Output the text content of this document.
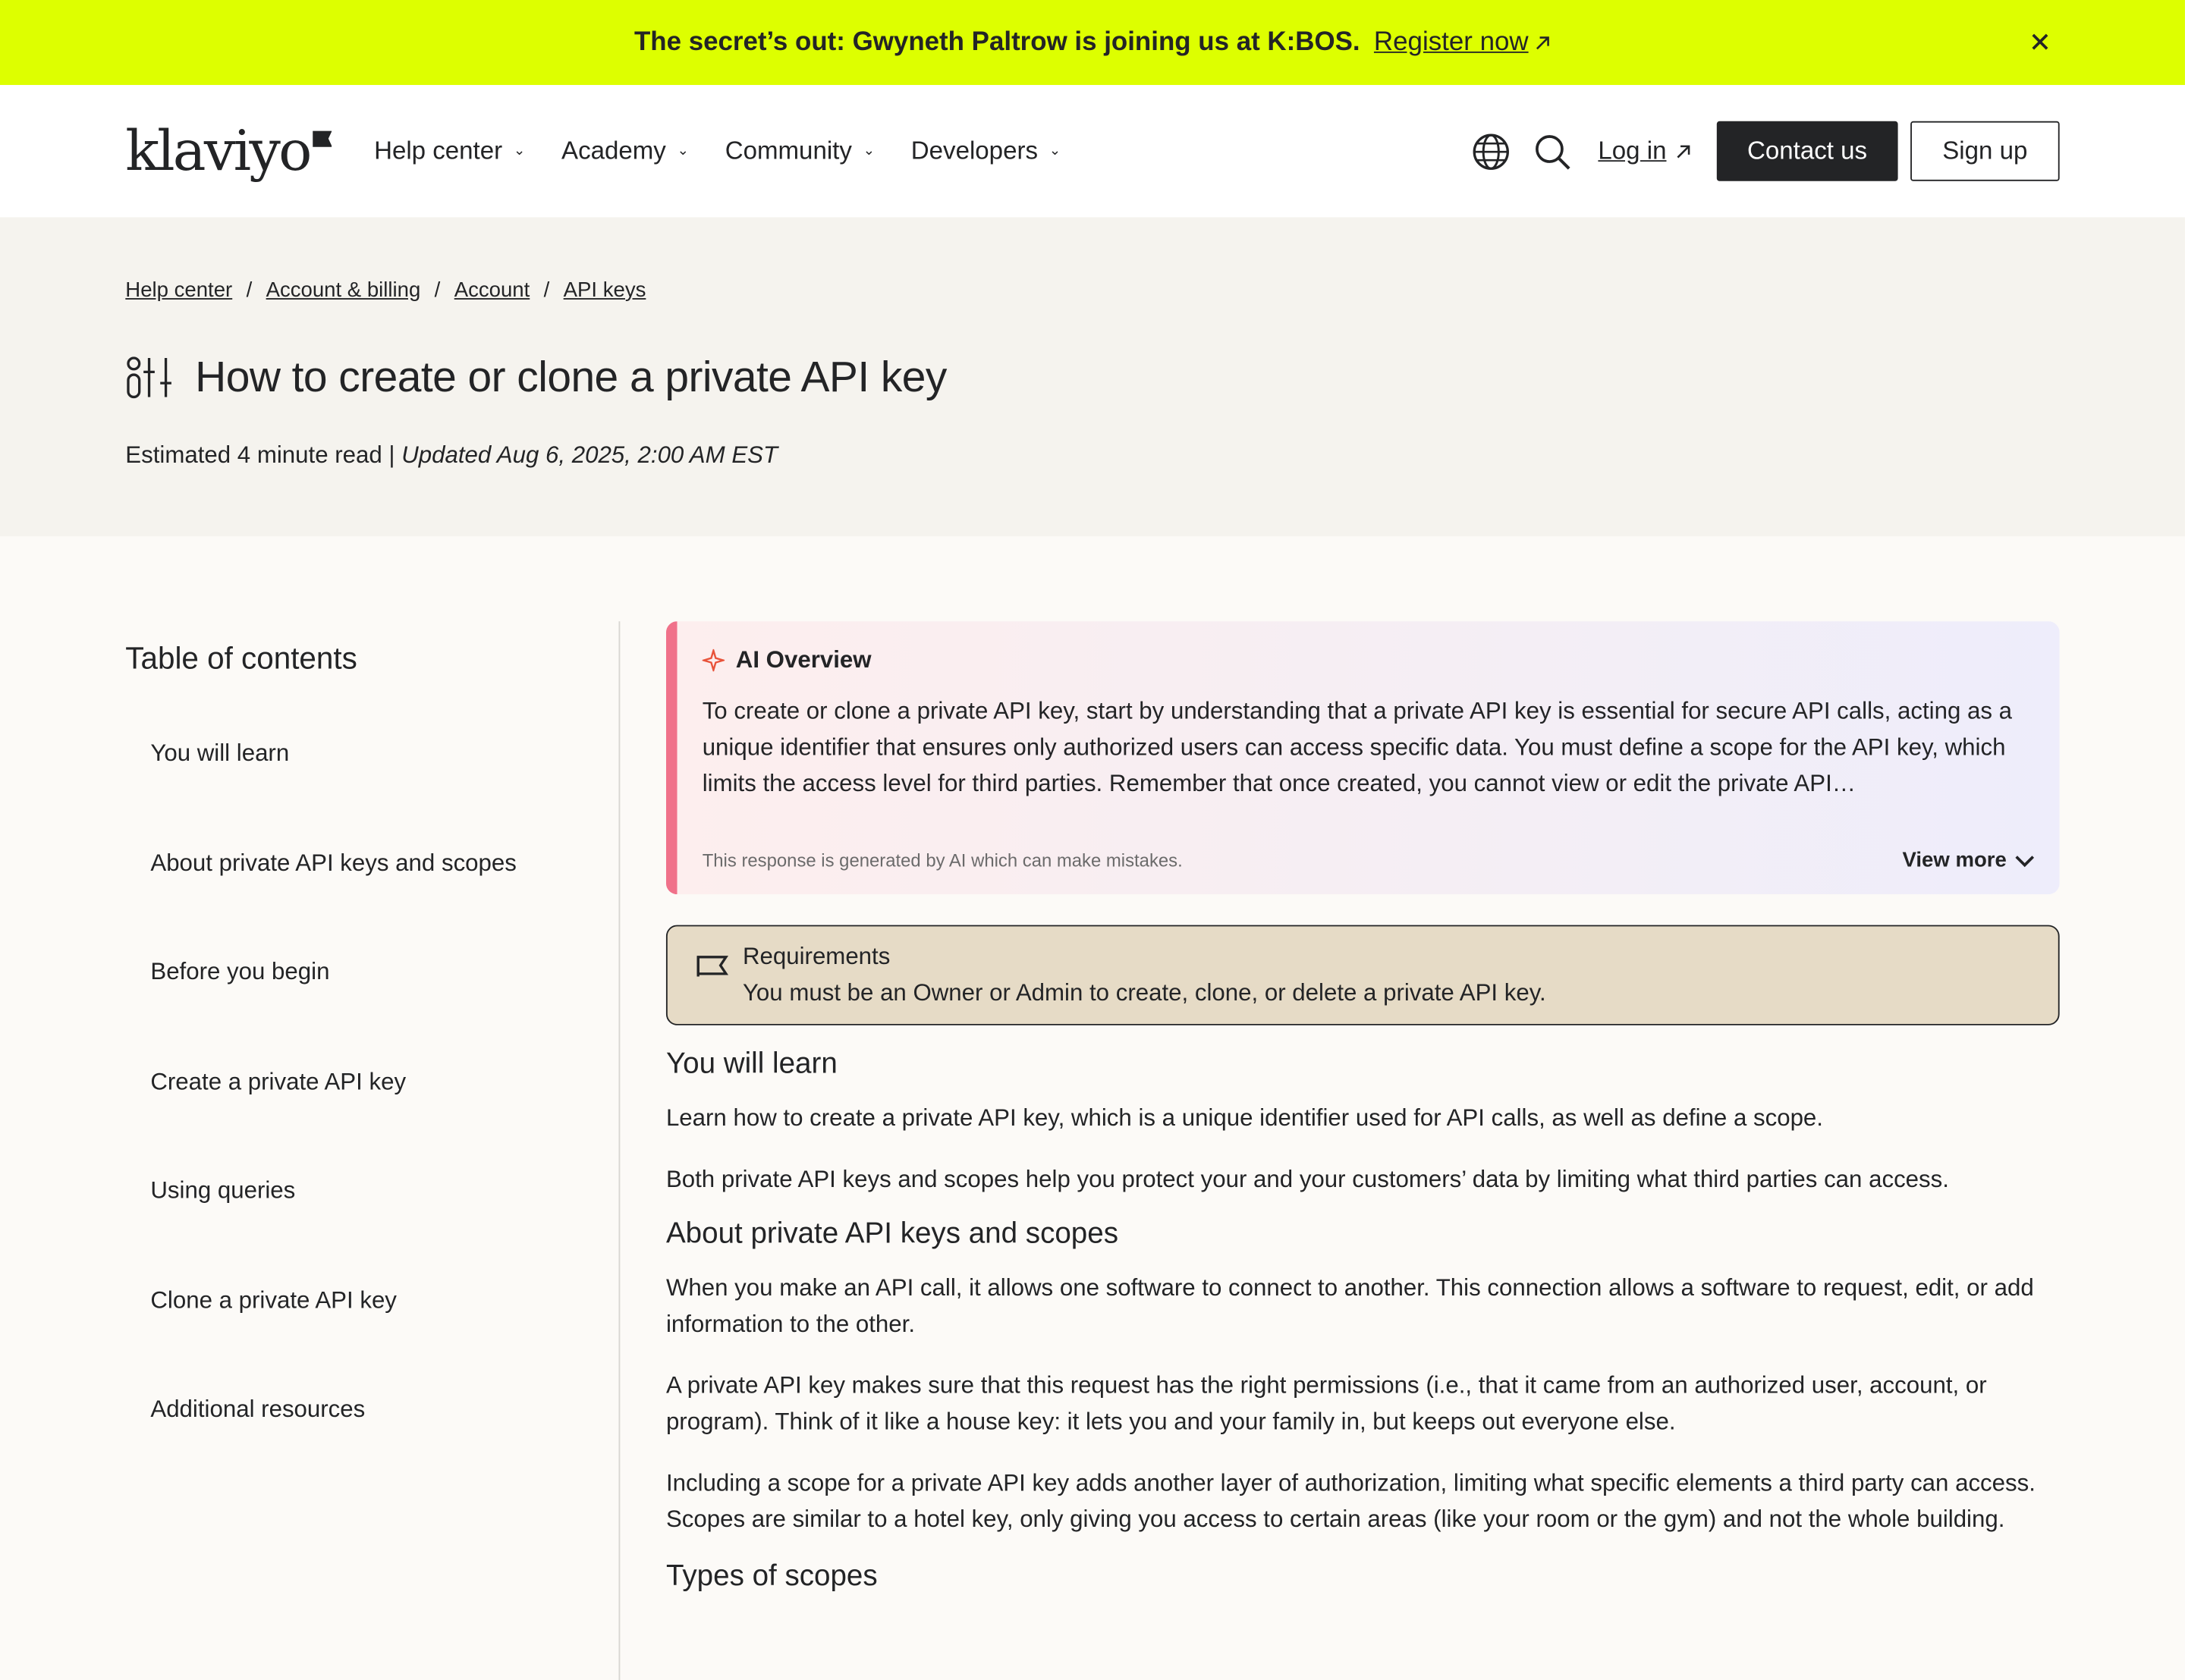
The secret’s out: Gwyneth Paltrow is joining us at K:BOS. Register now
klaviyo	Help center ⌄	Academy ⌄	Community ⌄	Developers ⌄	Log in	Contact us	Sign up
Help center / Account & billing / Account / API keys
How to create or clone a private API key
Estimated 4 minute read | Updated Aug 6, 2025, 2:00 AM EST
Table of contents
You will learn
About private API keys and scopes
Before you begin
Create a private API key
Using queries
Clone a private API key
Additional resources
AI Overview
To create or clone a private API key, start by understanding that a private API key is essential for secure API calls, acting as a unique identifier that ensures only authorized users can access specific data. You must define a scope for the API key, which limits the access level for third parties. Remember that once created, you cannot view or edit the private API…
This response is generated by AI which can make mistakes.	View more
Requirements
You must be an Owner or Admin to create, clone, or delete a private API key.
You will learn

Learn how to create a private API key, which is a unique identifier used for API calls, as well as define a scope.

Both private API keys and scopes help you protect your and your customers’ data by limiting what third parties can access.

About private API keys and scopes

When you make an API call, it allows one software to connect to another. This connection allows a software to request, edit, or add information to the other.

A private API key makes sure that this request has the right permissions (i.e., that it came from an authorized user, account, or program). Think of it like a house key: it lets you and your family in, but keeps out everyone else.

Including a scope for a private API key adds another layer of authorization, limiting what specific elements a third party can access. Scopes are similar to a hotel key, only giving you access to certain areas (like your room or the gym) and not the whole building.

Types of scopes
